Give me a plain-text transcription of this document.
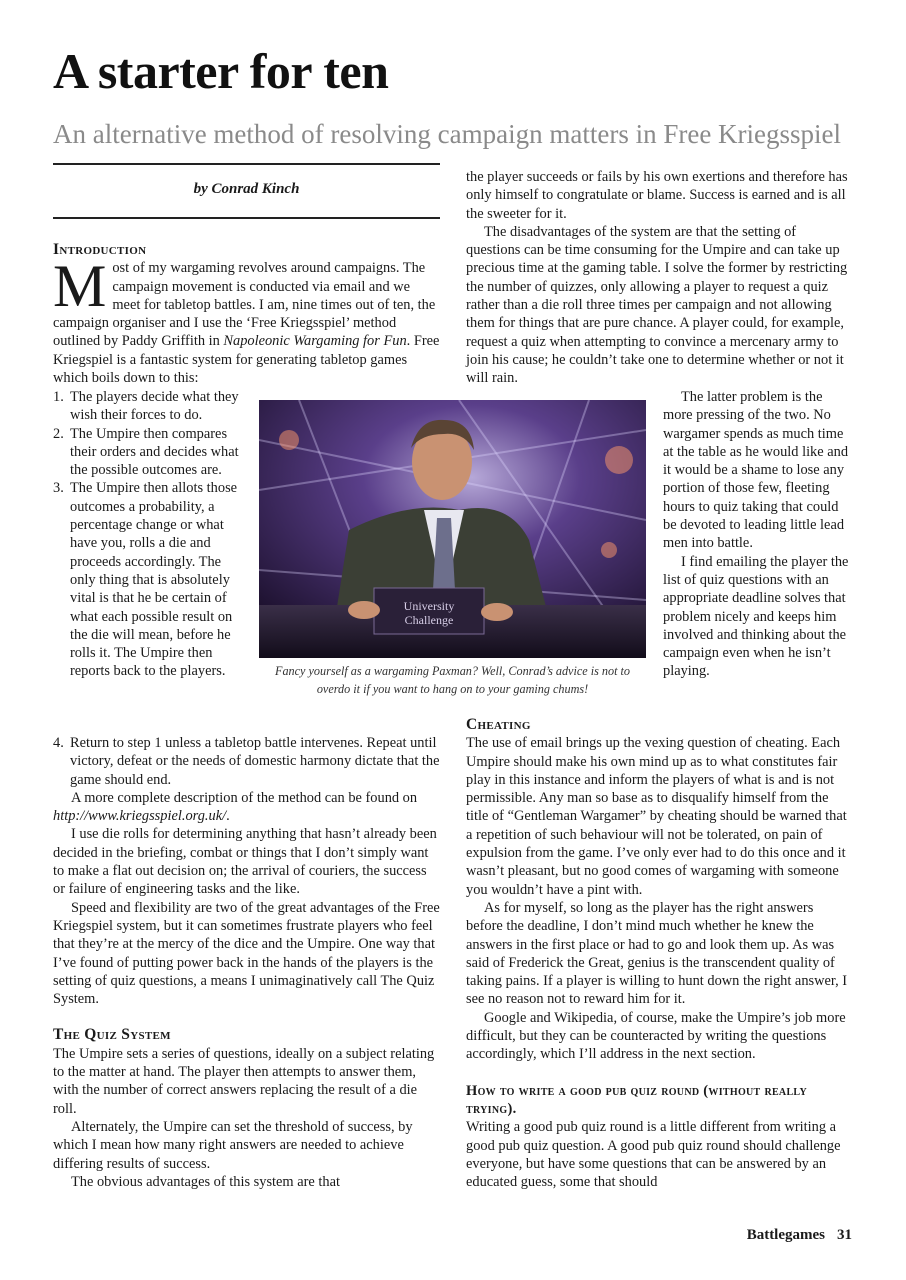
A starter for ten
An alternative method of resolving campaign matters in Free Kriegsspiel
by Conrad Kinch

Introduction

Most of my wargaming revolves around campaigns. The campaign movement is conducted via email and we meet for tabletop battles. I am, nine times out of ten, the campaign organiser and I use the ‘Free Kriegsspiel’ method outlined by Paddy Griffith in Napoleonic Wargaming for Fun. Free Kriegspiel is a fantastic system for generating tabletop games which boils down to this:

1. The players decide what they wish their forces to do.
2. The Umpire then compares their orders and decides what the possible outcomes are.
3. The Umpire then allots those outcomes a probability, a percentage change or what have you, rolls a die and proceeds accordingly. The only thing that is absolutely vital is that he be certain of what each possible result on the die will mean, before he rolls it. The Umpire then reports back to the players.
4. Return to step 1 unless a tabletop battle intervenes. Repeat until victory, defeat or the needs of domestic harmony dictate that the game should end.

A more complete description of the method can be found on http://www.kriegsspiel.org.uk/.

I use die rolls for determining anything that hasn’t already been decided in the briefing, combat or things that I don’t simply want to make a flat out decision on; the arrival of couriers, the success or failure of engineering tasks and the like.

Speed and flexibility are two of the great advantages of the Free Kriegspiel system, but it can sometimes frustrate players who feel that they’re at the mercy of the dice and the Umpire. One way that I’ve found of putting power back in the hands of the players is the setting of quiz questions, a means I unimaginatively call The Quiz System.

The Quiz System

The Umpire sets a series of questions, ideally on a subject relating to the matter at hand. The player then attempts to answer them, with the number of correct answers replacing the result of a die roll.

Alternately, the Umpire can set the threshold of success, by which I mean how many right answers are needed to achieve differing results of success.

The obvious advantages of this system are that

University
Challenge
Fancy yourself as a wargaming Paxman? Well, Conrad’s advice is not to overdo it if you want to hang on to your gaming chums!

the player succeeds or fails by his own exertions and therefore has only himself to congratulate or blame. Success is earned and is all the sweeter for it.

The disadvantages of the system are that the setting of questions can be time consuming for the Umpire and can take up precious time at the gaming table. I solve the former by restricting the number of quizzes, only allowing a player to request a quiz rather than a die roll three times per campaign and not allowing them for things that are pure chance. A player could, for example, request a quiz when attempting to convince a mercenary army to join his cause; he couldn’t take one to determine whether or not it will rain.

The latter problem is the more pressing of the two. No wargamer spends as much time at the table as he would like and it would be a shame to lose any portion of those few, fleeting hours to quiz taking that could be devoted to leading little lead men into battle.

I find emailing the player the list of quiz questions with an appropriate deadline solves that problem nicely and keeps him involved and thinking about the campaign even when he isn’t playing.

Cheating

The use of email brings up the vexing question of cheating. Each Umpire should make his own mind up as to what constitutes fair play in this instance and inform the players of what is and is not permissible. Any man so base as to disqualify himself from the title of “Gentleman Wargamer” by cheating should be warned that a repetition of such behaviour will not be tolerated, on pain of expulsion from the game. I’ve only ever had to do this once and it wasn’t pleasant, but no good comes of wargaming with someone you wouldn’t have a pint with.

As for myself, so long as the player has the right answers before the deadline, I don’t mind much whether he knew the answers in the first place or had to go and look them up. As was said of Frederick the Great, genius is the transcendent quality of taking pains. If a player is willing to hunt down the right answer, I see no reason not to reward him for it.

Google and Wikipedia, of course, make the Umpire’s job more difficult, but they can be counteracted by writing the questions accordingly, which I’ll address in the next section.

How to write a good pub quiz round (without really trying).

Writing a good pub quiz round is a little different from writing a good pub quiz question. A good pub quiz round should challenge everyone, but have some questions that can be answered by an educated guess, some that should

Battlegames 31
